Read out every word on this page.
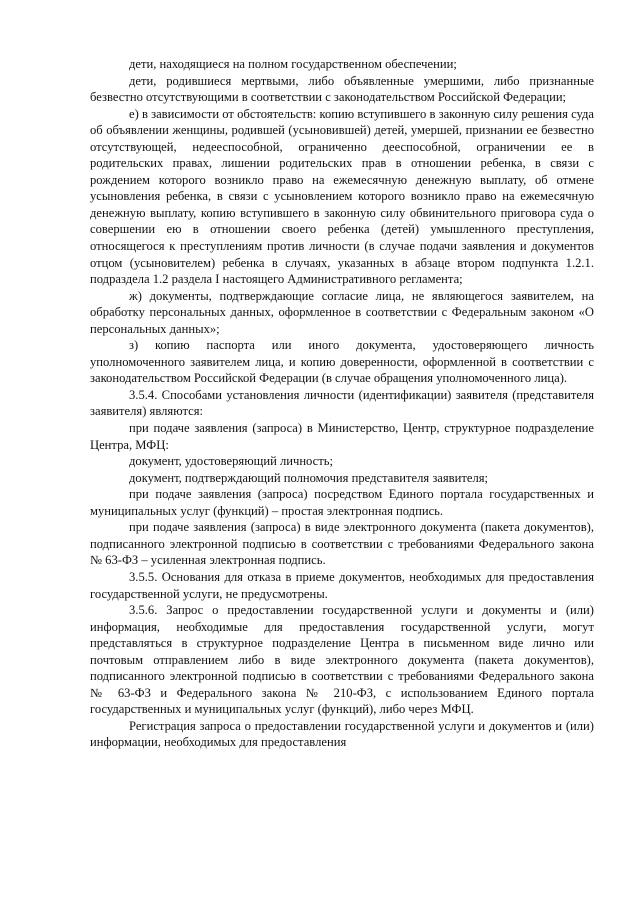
дети, находящиеся на полном государственном обеспечении;

дети, родившиеся мертвыми, либо объявленные умершими, либо признанные безвестно отсутствующими в соответствии с законодательством Российской Федерации;

е) в зависимости от обстоятельств: копию вступившего в законную силу решения суда об объявлении женщины, родившей (усыновившей) детей, умершей, признании ее безвестно отсутствующей, недееспособной, ограниченно дееспособной, ограничении ее в родительских правах, лишении родительских прав в отношении ребенка, в связи с рождением которого возникло право на ежемесячную денежную выплату, об отмене усыновления ребенка, в связи с усыновлением которого возникло право на ежемесячную денежную выплату, копию вступившего в законную силу обвинительного приговора суда о совершении ею в отношении своего ребенка (детей) умышленного преступления, относящегося к преступлениям против личности (в случае подачи заявления и документов отцом (усыновителем) ребенка в случаях, указанных в абзаце втором подпункта 1.2.1. подраздела 1.2 раздела I настоящего Административного регламента;

ж) документы, подтверждающие согласие лица, не являющегося заявителем, на обработку персональных данных, оформленное в соответствии с Федеральным законом «О персональных данных»;

з) копию паспорта или иного документа, удостоверяющего личность уполномоченного заявителем лица, и копию доверенности, оформленной в соответствии с законодательством Российской Федерации (в случае обращения уполномоченного лица).

3.5.4. Способами установления личности (идентификации) заявителя (представителя заявителя) являются:

при подаче заявления (запроса) в Министерство, Центр, структурное подразделение Центра, МФЦ:

документ, удостоверяющий личность;

документ, подтверждающий полномочия представителя заявителя;

при подаче заявления (запроса) посредством Единого портала государственных и муниципальных услуг (функций) – простая электронная подпись.

при подаче заявления (запроса) в виде электронного документа (пакета документов), подписанного электронной подписью в соответствии с требованиями Федерального закона № 63-ФЗ – усиленная электронная подпись.

3.5.5. Основания для отказа в приеме документов, необходимых для предоставления государственной услуги, не предусмотрены.

3.5.6. Запрос о предоставлении государственной услуги и документы и (или) информация, необходимые для предоставления государственной услуги, могут представляться в структурное подразделение Центра в письменном виде лично или почтовым отправлением либо в виде электронного документа (пакета документов), подписанного электронной подписью в соответствии с требованиями Федерального закона № 63-ФЗ и Федерального закона № 210-ФЗ, с использованием Единого портала государственных и муниципальных услуг (функций), либо через МФЦ.

Регистрация запроса о предоставлении государственной услуги и документов и (или) информации, необходимых для предоставления
